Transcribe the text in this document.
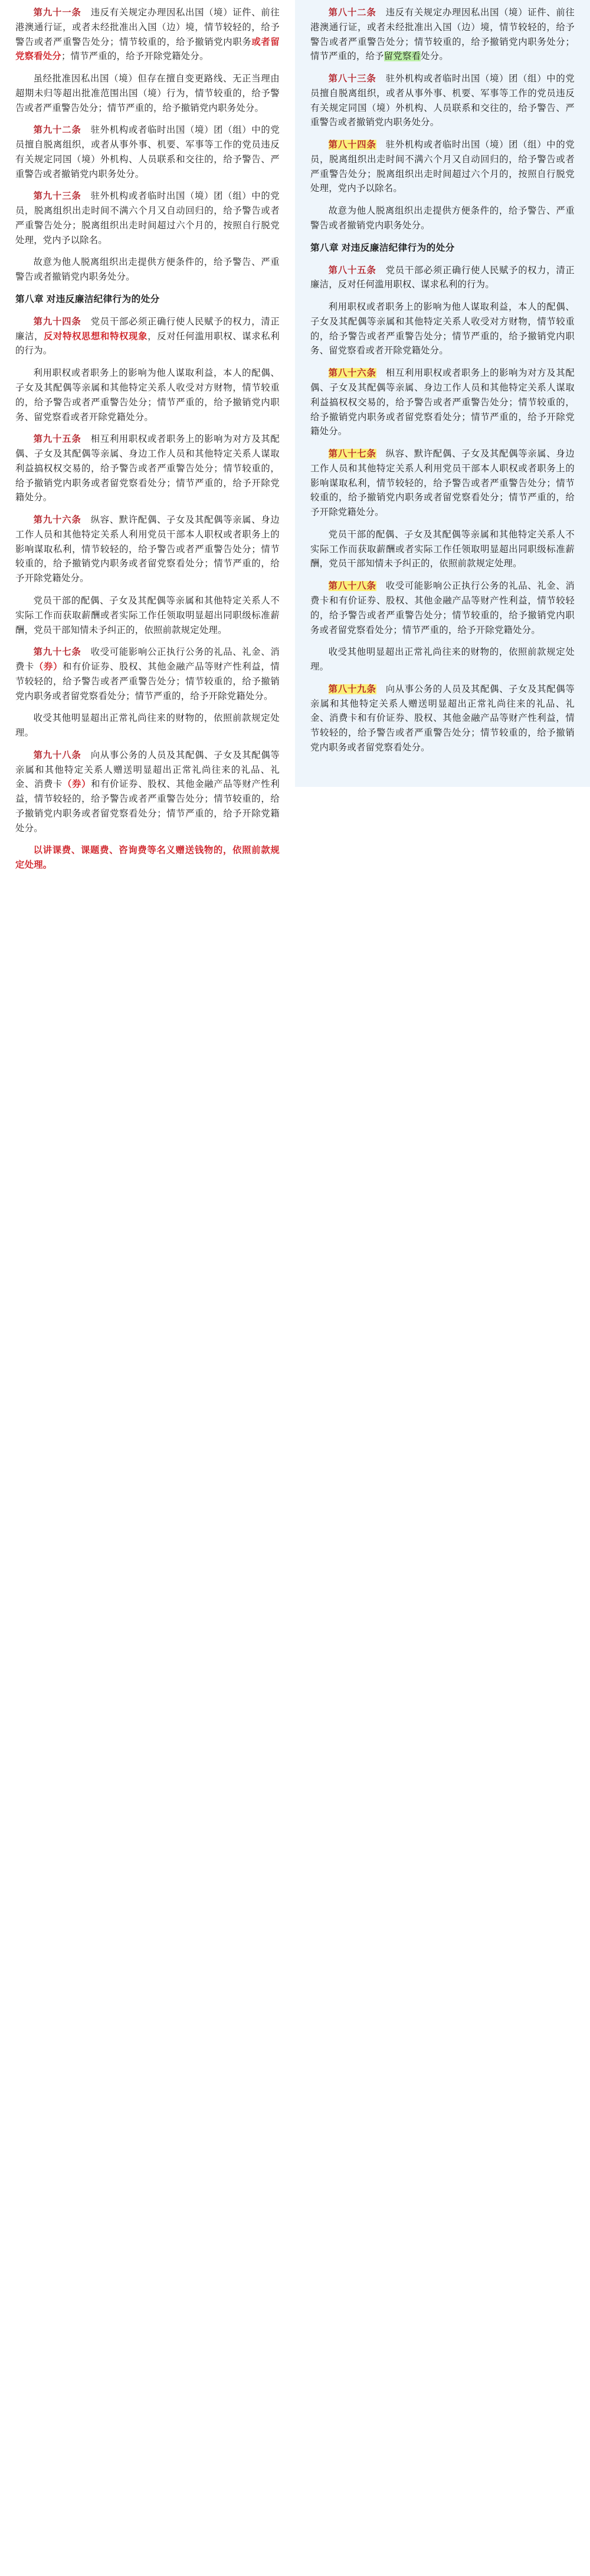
第九十一条　 违反有关规定办理因私出国（境）证件、前往港澳通行证，或者未经批准出入国（边）境，情节较轻的，给予警告或者严重警告处分；情节较重的，给予撤销党内职务或者留党察看处分；情节严重的，给予开除党籍处分。

虽经批准因私出国（境）但存在擅自变更路线、无正当理由超期未归等超出批准范围出国（境）行为，情节较重的，给予警告或者严重警告处分；情节严重的，给予撤销党内职务处分。

第九十二条　 驻外机构或者临时出国（境）团（组）中的党员擅自脱离组织，或者从事外事、机要、军事等工作的党员违反有关规定同国（境）外机构、人员联系和交往的，给予警告、严重警告或者撤销党内职务处分。

第九十三条　 驻外机构或者临时出国（境）团（组）中的党员，脱离组织出走时间不满六个月又自动回归的，给予警告或者严重警告处分；脱离组织出走时间超过六个月的，按照自行脱党处理，党内予以除名。

故意为他人脱离组织出走提供方便条件的，给予警告、严重警告或者撤销党内职务处分。

第八章 对违反廉洁纪律行为的处分

第九十四条　 党员干部必须正确行使人民赋予的权力，清正廉洁，反对特权思想和特权现象，反对任何滥用职权、谋求私利的行为。

利用职权或者职务上的影响为他人谋取利益，本人的配偶、子女及其配偶等亲属和其他特定关系人收受对方财物，情节较重的，给予警告或者严重警告处分；情节严重的，给予撤销党内职务、留党察看或者开除党籍处分。

第九十五条　 相互利用职权或者职务上的影响为对方及其配偶、子女及其配偶等亲属、身边工作人员和其他特定关系人谋取利益搞权权交易的，给予警告或者严重警告处分；情节较重的，给予撤销党内职务或者留党察看处分；情节严重的，给予开除党籍处分。

第九十六条　 纵容、默许配偶、子女及其配偶等亲属、身边工作人员和其他特定关系人利用党员干部本人职权或者职务上的影响谋取私利，情节较轻的，给予警告或者严重警告处分；情节较重的，给予撤销党内职务或者留党察看处分；情节严重的，给予开除党籍处分。

党员干部的配偶、子女及其配偶等亲属和其他特定关系人不实际工作而获取薪酬或者实际工作任领取明显超出同职级标准薪酬，党员干部知情未予纠正的，依照前款规定处理。

第九十七条　 收受可能影响公正执行公务的礼品、礼金、消费卡（券）和有价证券、股权、其他金融产品等财产性利益，情节较轻的，给予警告或者严重警告处分；情节较重的，给予撤销党内职务或者留党察看处分；情节严重的，给予开除党籍处分。

收受其他明显超出正常礼尚往来的财物的，依照前款规定处理。

第九十八条　 向从事公务的人员及其配偶、子女及其配偶等亲属和其他特定关系人赠送明显超出正常礼尚往来的礼品、礼金、消费卡（券）和有价证券、股权、其他金融产品等财产性利益，情节较轻的，给予警告或者严重警告处分；情节较重的，给予撤销党内职务或者留党察看处分；情节严重的，给予开除党籍处分。

以讲课费、课题费、咨询费等名义赠送钱物的，依照前款规定处理。

第八十二条　 违反有关规定办理因私出国（境）证件、前往港澳通行证，或者未经批准出入国（边）境，情节较轻的，给予警告或者严重警告处分；情节较重的，给予撤销党内职务处分；情节严重的，给予留党察看处分。

第八十三条　 驻外机构或者临时出国（境）团（组）中的党员擅自脱离组织，或者从事外事、机要、军事等工作的党员违反有关规定同国（境）外机构、人员联系和交往的，给予警告、严重警告或者撤销党内职务处分。

第八十四条　 驻外机构或者临时出国（境）团（组）中的党员，脱离组织出走时间不满六个月又自动回归的，给予警告或者严重警告处分；脱离组织出走时间超过六个月的，按照自行脱党处理，党内予以除名。

故意为他人脱离组织出走提供方便条件的，给予警告、严重警告或者撤销党内职务处分。

第八章 对违反廉洁纪律行为的处分

第八十五条　 党员干部必须正确行使人民赋予的权力，清正廉洁，反对任何滥用职权、谋求私利的行为。

利用职权或者职务上的影响为他人谋取利益，本人的配偶、子女及其配偶等亲属和其他特定关系人收受对方财物，情节较重的，给予警告或者严重警告处分；情节严重的，给予撤销党内职务、留党察看或者开除党籍处分。

第八十六条　 相互利用职权或者职务上的影响为对方及其配偶、子女及其配偶等亲属、身边工作人员和其他特定关系人谋取利益搞权权交易的，给予警告或者严重警告处分；情节较重的，给予撤销党内职务或者留党察看处分；情节严重的，给予开除党籍处分。

第八十七条　 纵容、默许配偶、子女及其配偶等亲属、身边工作人员和其他特定关系人利用党员干部本人职权或者职务上的影响谋取私利，情节较轻的，给予警告或者严重警告处分；情节较重的，给予撤销党内职务或者留党察看处分；情节严重的，给予开除党籍处分。

党员干部的配偶、子女及其配偶等亲属和其他特定关系人不实际工作而获取薪酬或者实际工作任领取明显超出同职级标准薪酬，党员干部知情未予纠正的，依照前款规定处理。

第八十八条　 收受可能影响公正执行公务的礼品、礼金、消费卡和有价证券、股权、其他金融产品等财产性利益，情节较轻的，给予警告或者严重警告处分；情节较重的，给予撤销党内职务或者留党察看处分；情节严重的，给予开除党籍处分。

收受其他明显超出正常礼尚往来的财物的，依照前款规定处理。

第八十九条　 向从事公务的人员及其配偶、子女及其配偶等亲属和其他特定关系人赠送明显超出正常礼尚往来的礼品、礼金、消费卡和有价证券、股权、其他金融产品等财产性利益，情节较轻的，给予警告或者严重警告处分；情节较重的，给予撤销党内职务或者留党察看处分。
